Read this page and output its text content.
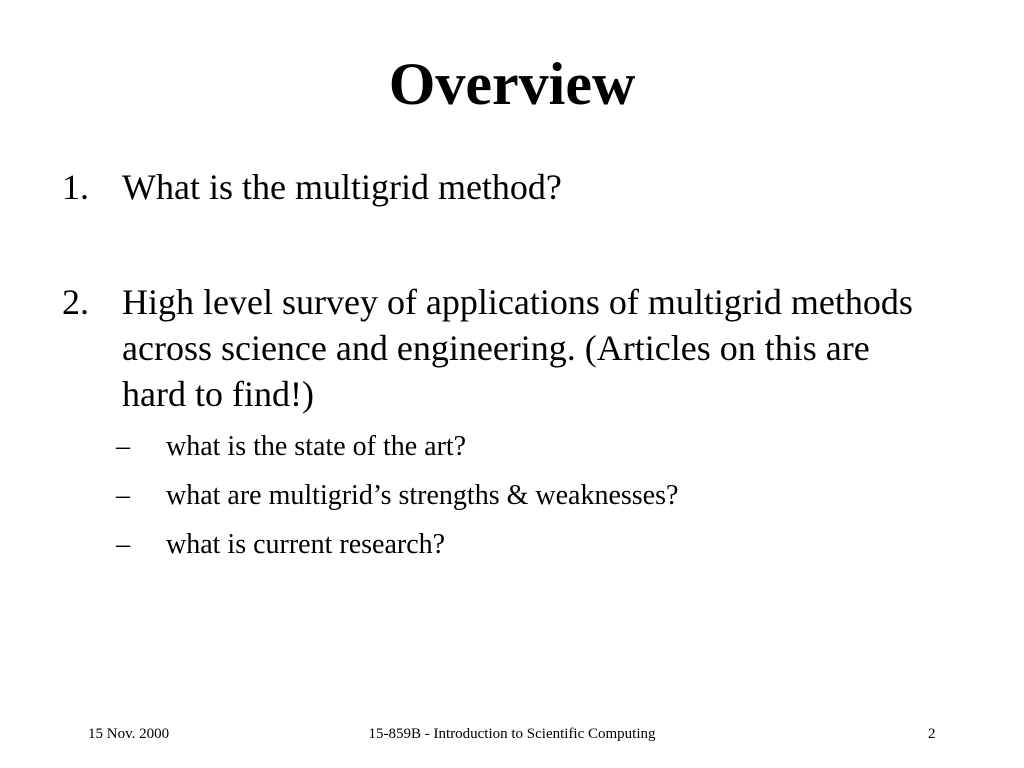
Overview
1. What is the multigrid method?
2. High level survey of applications of multigrid methods across science and engineering. (Articles on this are hard to find!)
– what is the state of the art?
– what are multigrid’s strengths & weaknesses?
– what is current research?
15 Nov. 2000	15-859B - Introduction to Scientific Computing	2
